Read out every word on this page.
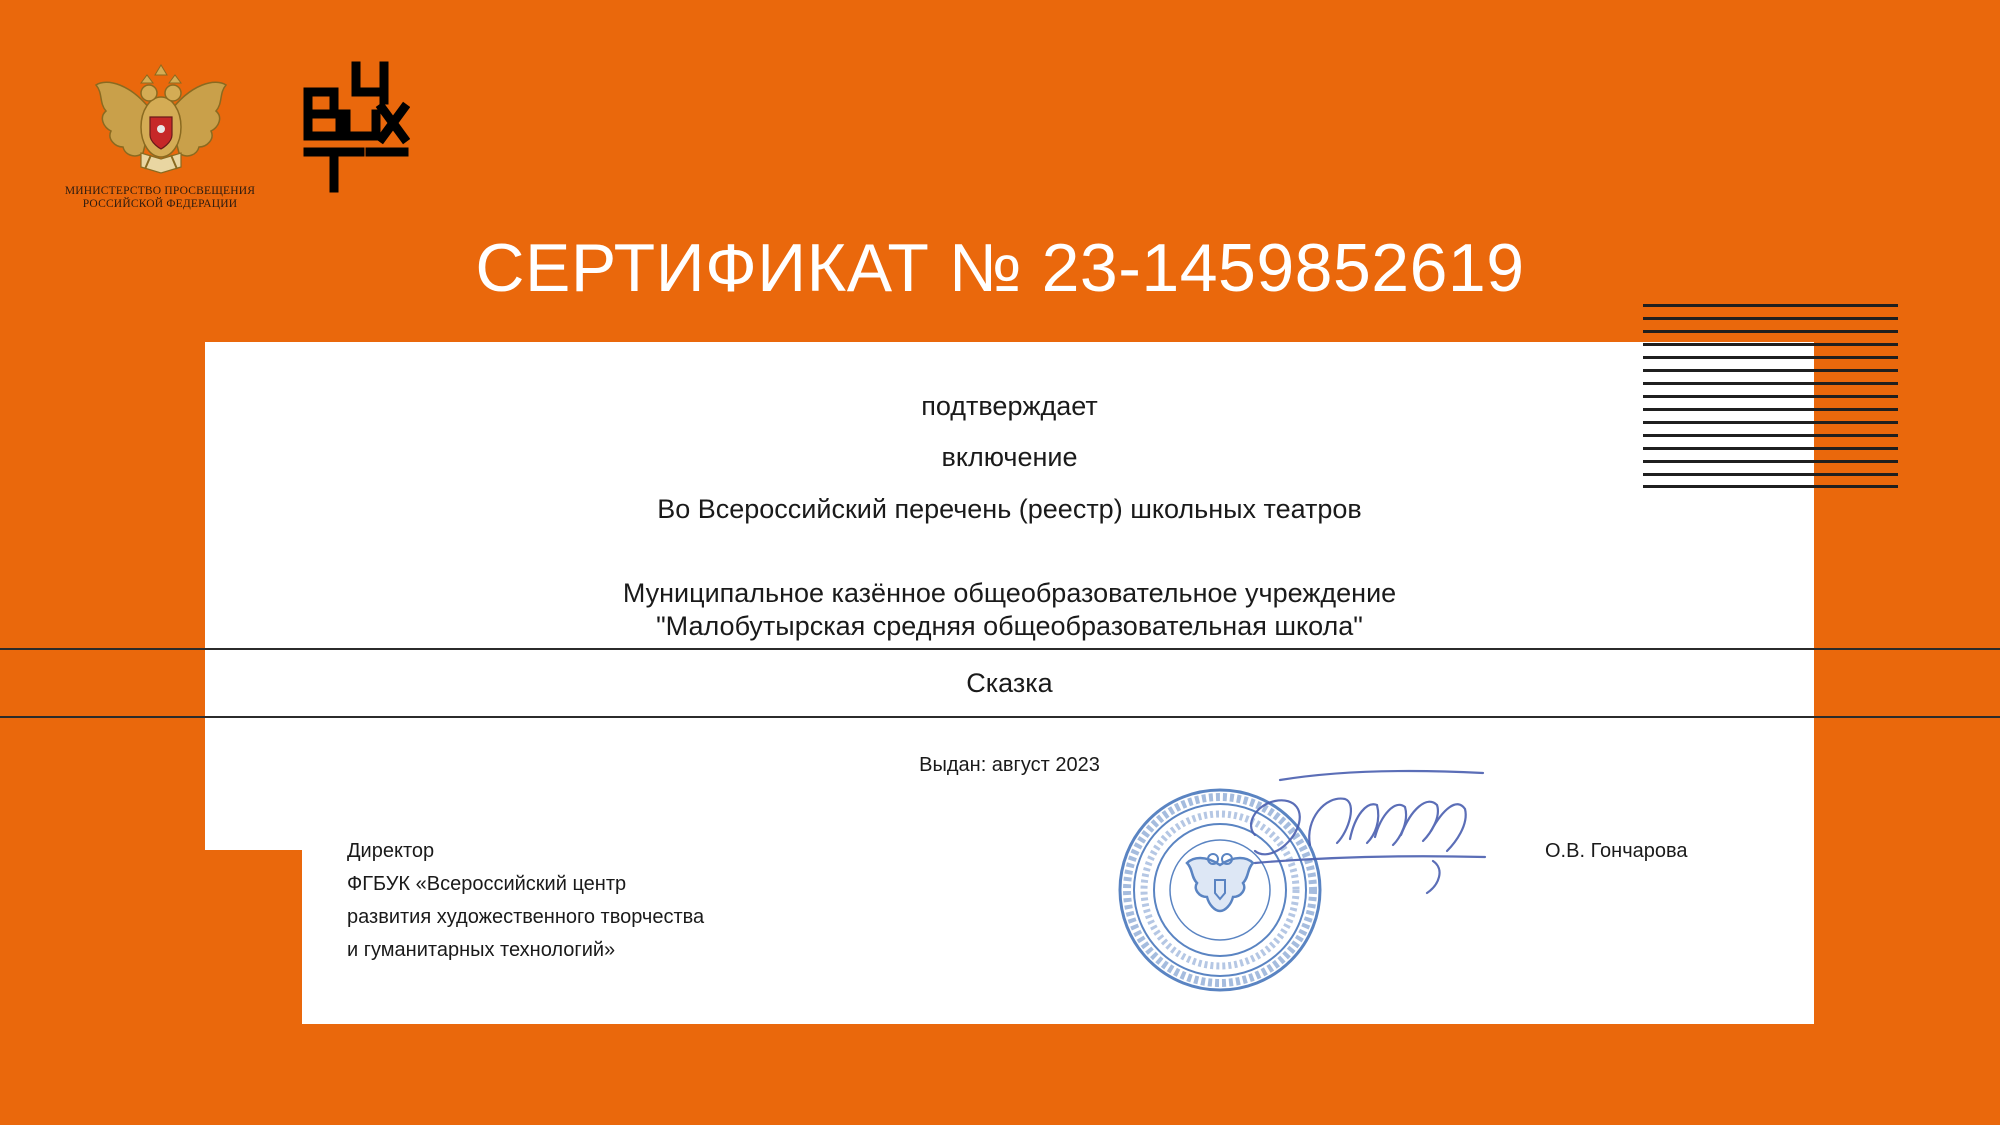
МИНИСТЕРСТВО ПРОСВЕЩЕНИЯ
РОССИЙСКОЙ ФЕДЕРАЦИИ
СЕРТИФИКАТ № 23-1459852619
подтверждает
включение
Во Всероссийский перечень (реестр) школьных театров
Муниципальное казённое общеобразовательное учреждение
"Малобутырская средняя общеобразовательная школа"
Сказка
Выдан: август 2023
Директор
ФГБУК «Всероссийский центр
развития художественного творчества
и гуманитарных технологий»
О.В. Гончарова
